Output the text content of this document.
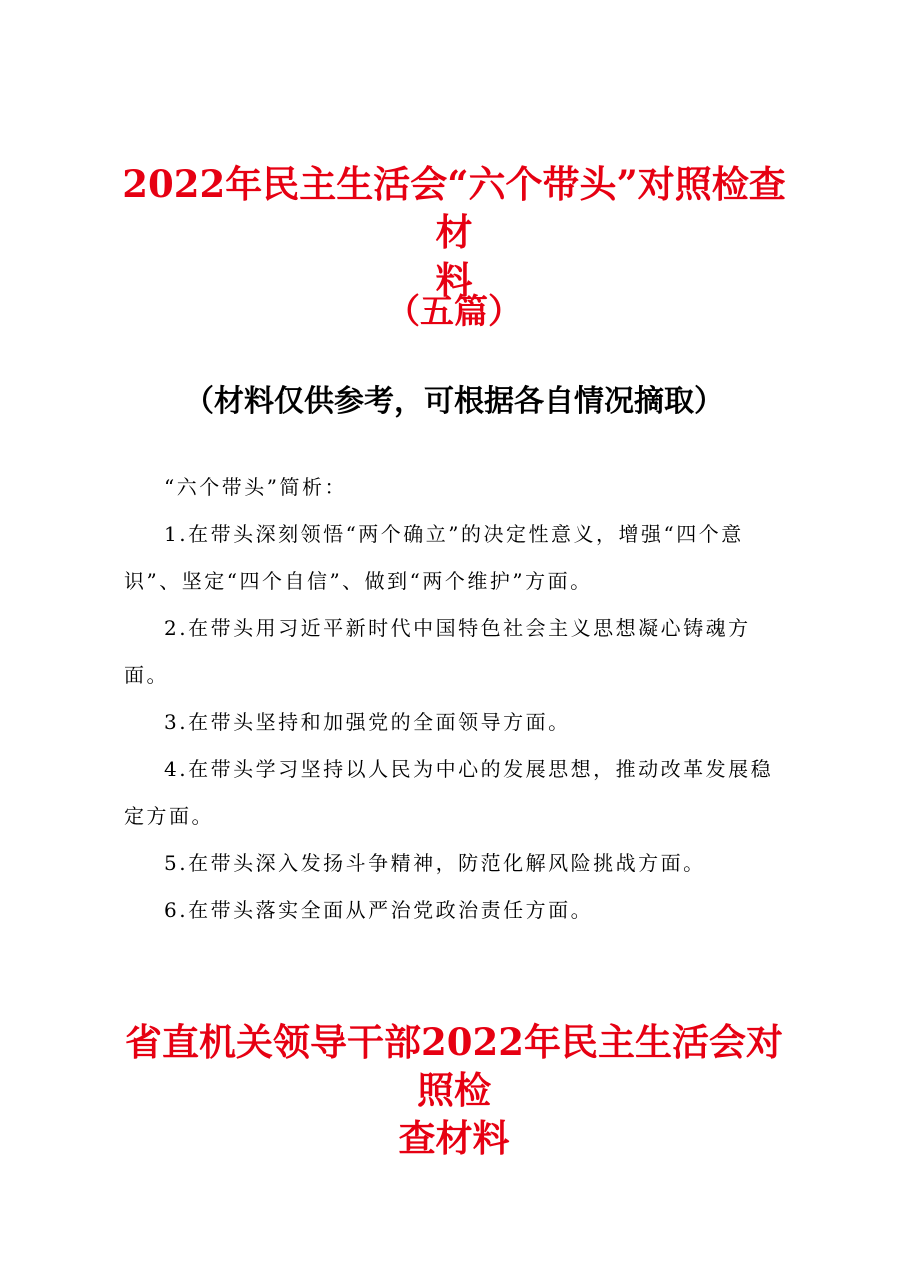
2022年民主生活会“六个带头”对照检查材
料
（五篇）
（材料仅供参考，可根据各自情况摘取）

“六个带头”简析：

1.在带头深刻领悟“两个确立”的决定性意义，增强“四个意识”、坚定“四个自信”、做到“两个维护”方面。

2.在带头用习近平新时代中国特色社会主义思想凝心铸魂方面。

3.在带头坚持和加强党的全面领导方面。

4.在带头学习坚持以人民为中心的发展思想，推动改革发展稳定方面。

5.在带头深入发扬斗争精神，防范化解风险挑战方面。

6.在带头落实全面从严治党政治责任方面。

省直机关领导干部2022年民主生活会对照检
查材料
